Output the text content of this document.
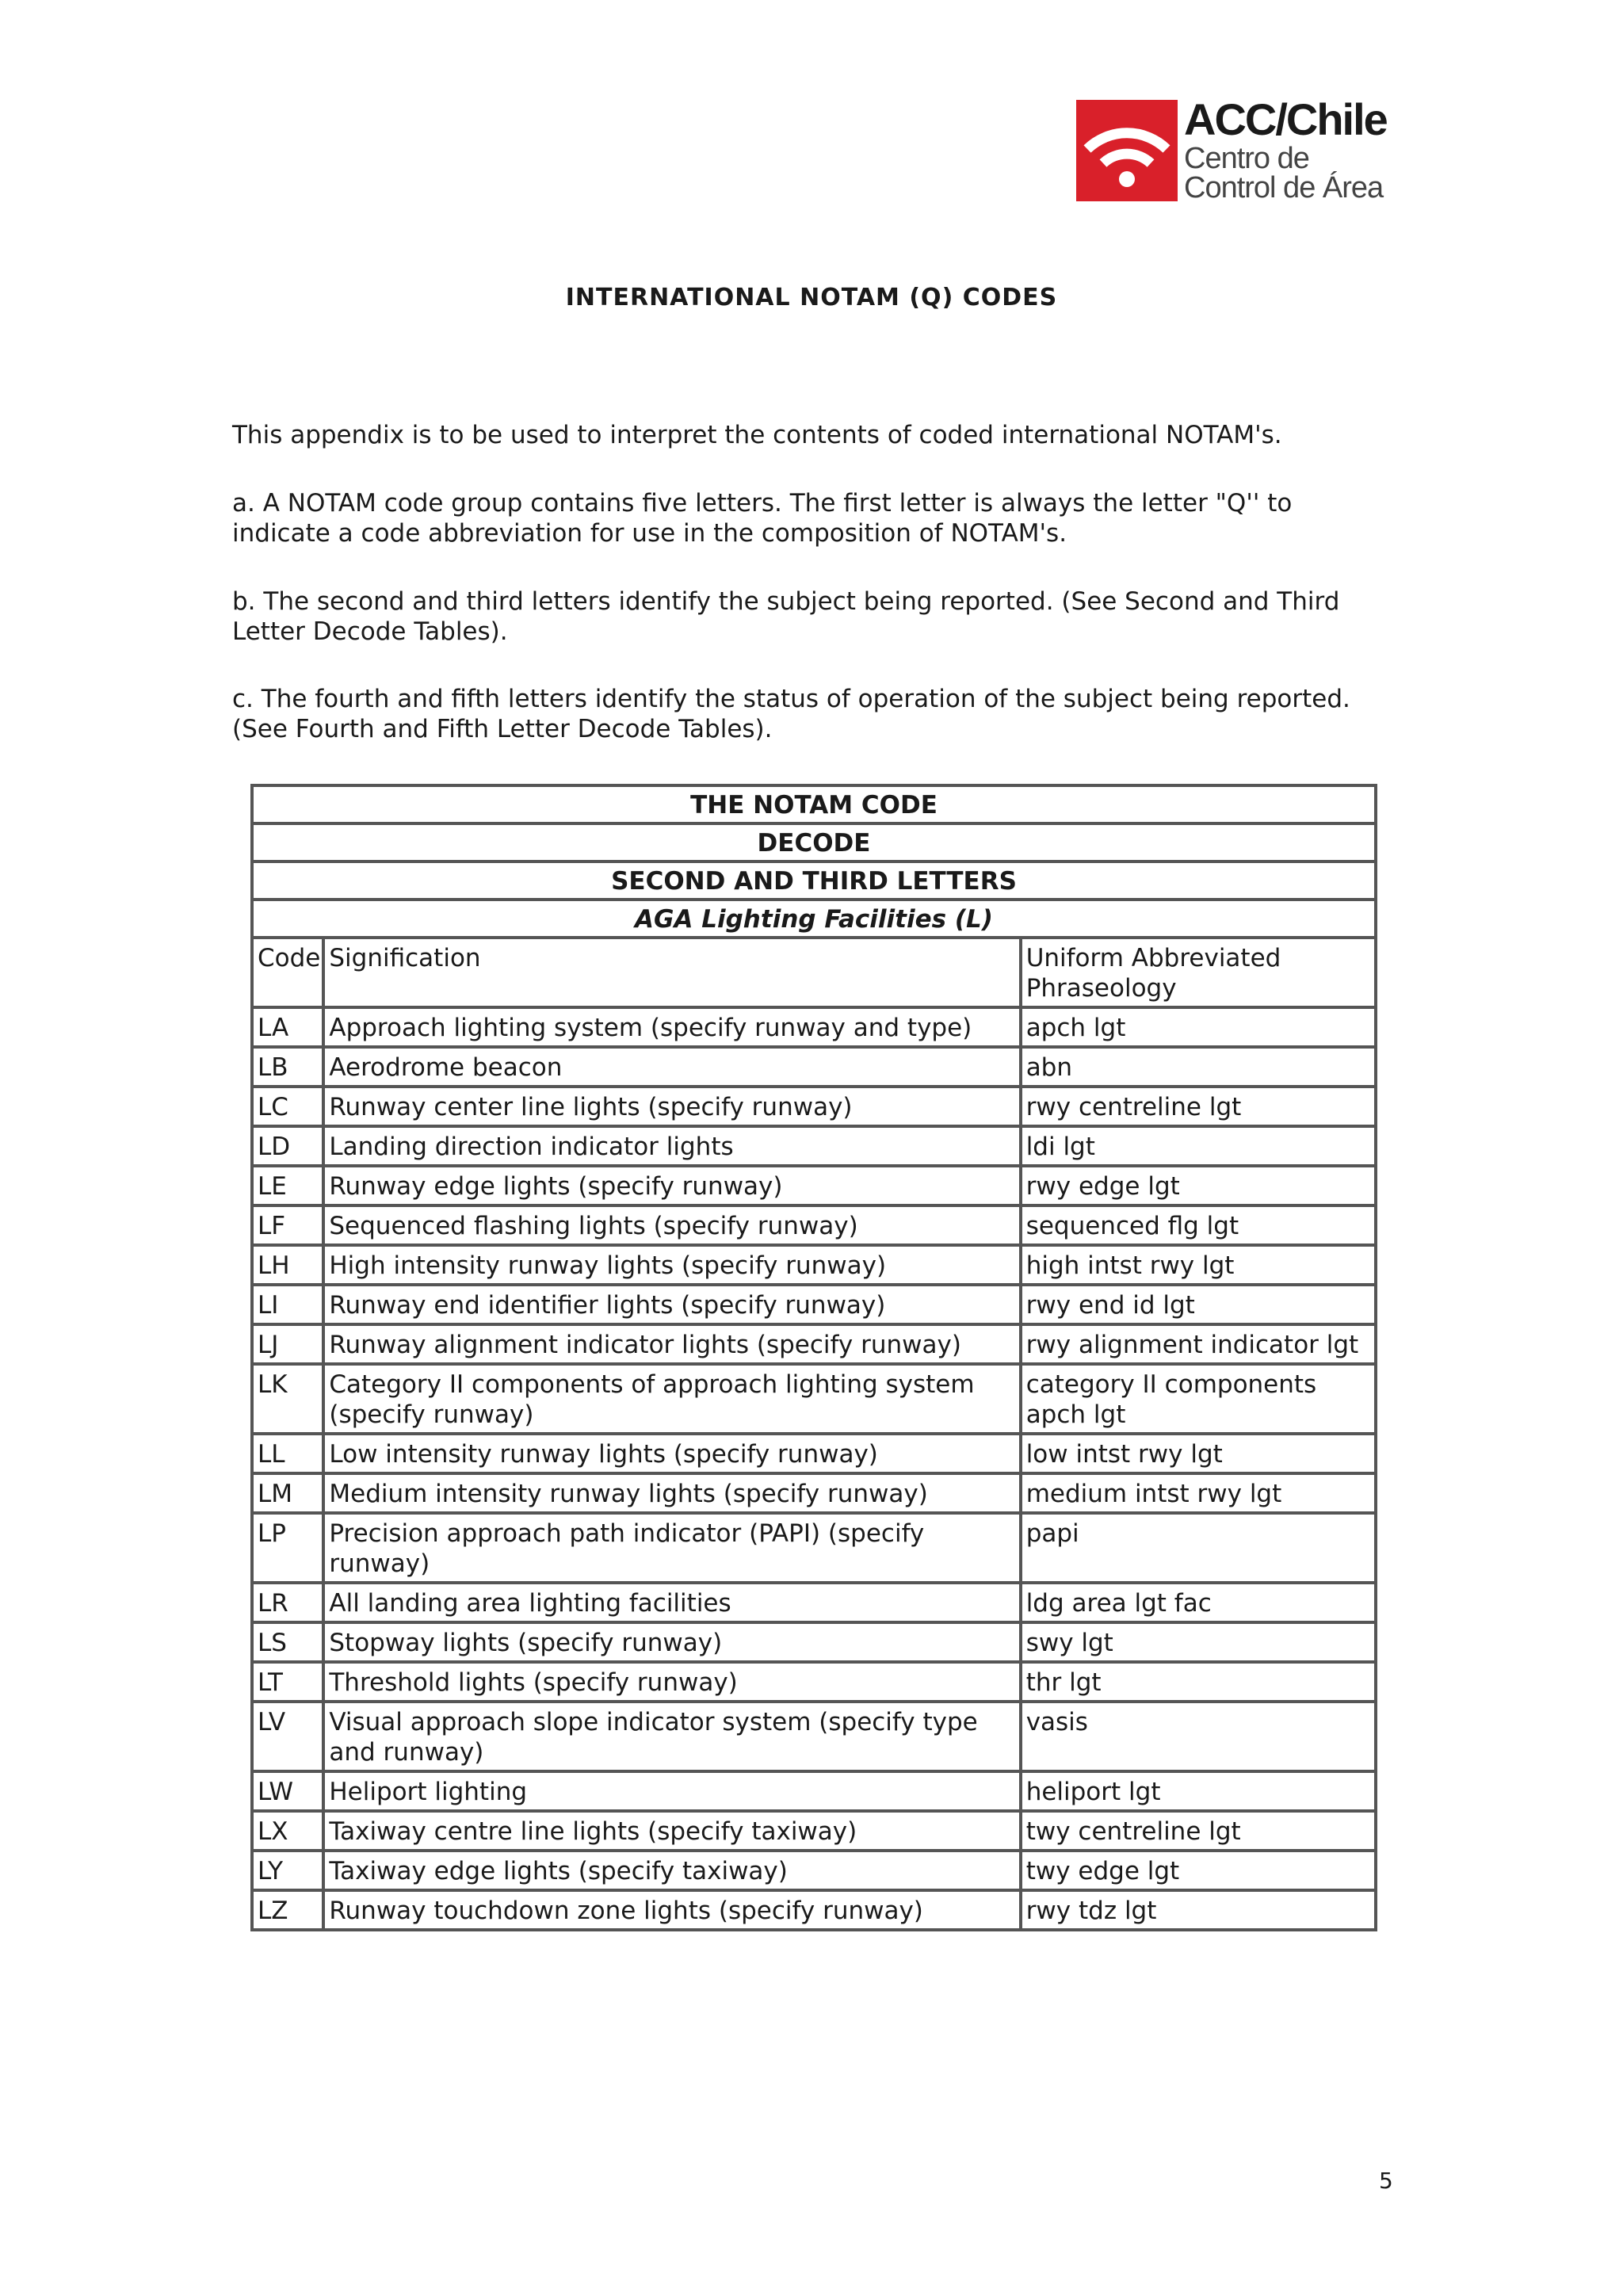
ACC/Chile
Centro de
Control de Área
INTERNATIONAL NOTAM (Q) CODES
This appendix is to be used to interpret the contents of coded international NOTAM's.
a. A NOTAM code group contains five letters. The first letter is always the letter "Q'' to indicate a code abbreviation for use in the composition of NOTAM's.
b. The second and third letters identify the subject being reported. (See Second and Third Letter Decode Tables).
c. The fourth and fifth letters identify the status of operation of the subject being reported. (See Fourth and Fifth Letter Decode Tables).
THE NOTAM CODE		
DECODE		
SECOND AND THIRD LETTERS		
AGA Lighting Facilities (L)		
Code	Signification	Uniform Abbreviated Phraseology
LA	Approach lighting system (specify runway and type)	apch lgt
LB	Aerodrome beacon	abn
LC	Runway center line lights (specify runway)	rwy centreline lgt
LD	Landing direction indicator lights	ldi lgt
LE	Runway edge lights (specify runway)	rwy edge lgt
LF	Sequenced flashing lights (specify runway)	sequenced flg lgt
LH	High intensity runway lights (specify runway)	high intst rwy lgt
LI	Runway end identifier lights (specify runway)	rwy end id lgt
LJ	Runway alignment indicator lights (specify runway)	rwy alignment indicator lgt
LK	Category II components of approach lighting system (specify runway)	category II components apch lgt
LL	Low intensity runway lights (specify runway)	low intst rwy lgt
LM	Medium intensity runway lights (specify runway)	medium intst rwy lgt
LP	Precision approach path indicator (PAPI) (specify runway)	papi
LR	All landing area lighting facilities	ldg area lgt fac
LS	Stopway lights (specify runway)	swy lgt
LT	Threshold lights (specify runway)	thr lgt
LV	Visual approach slope indicator system (specify type and runway)	vasis
LW	Heliport lighting	heliport lgt
LX	Taxiway centre line lights (specify taxiway)	twy centreline lgt
LY	Taxiway edge lights (specify taxiway)	twy edge lgt
LZ	Runway touchdown zone lights (specify runway)	rwy tdz lgt
5
